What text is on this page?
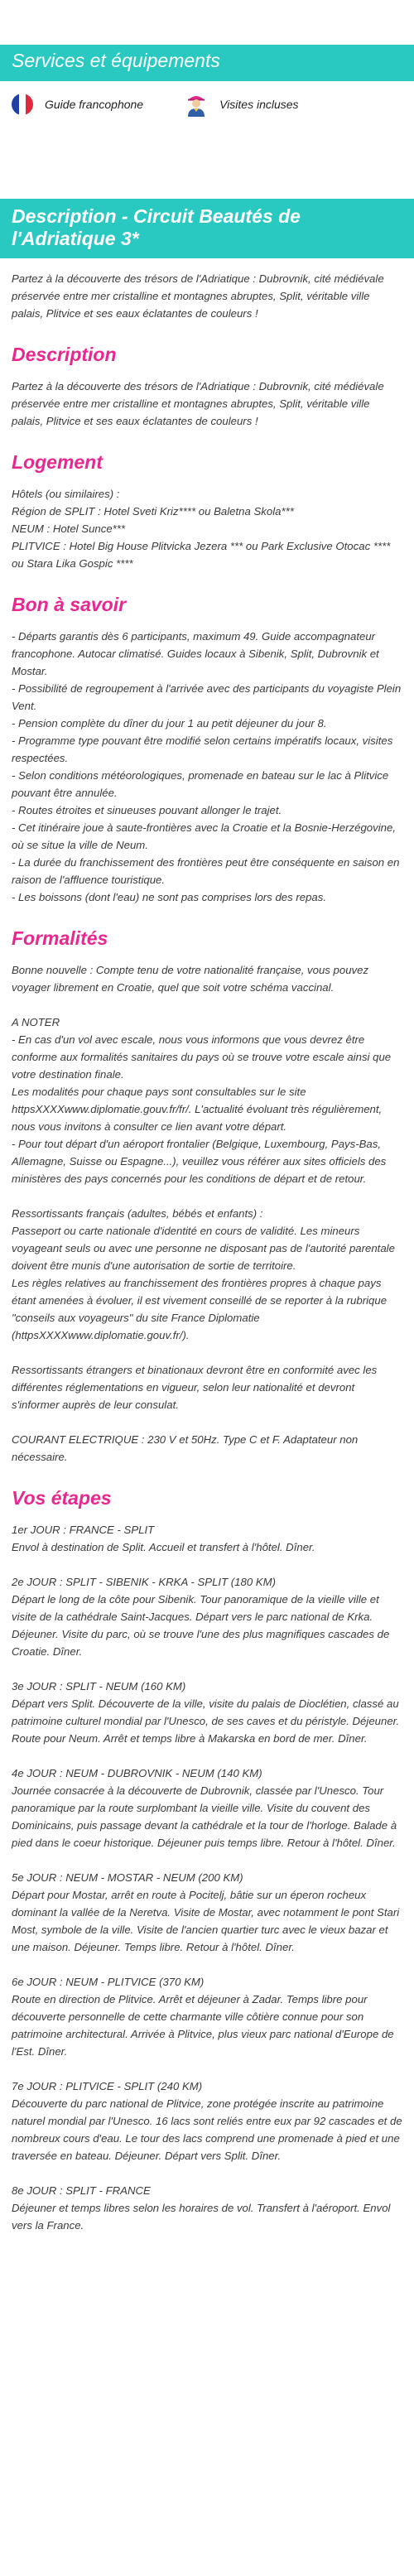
Services et équipements
Guide francophone	Visites incluses
Description - Circuit Beautés de l'Adriatique 3*

Partez à la découverte des trésors de l'Adriatique : Dubrovnik, cité médiévale préservée entre mer cristalline et montagnes abruptes, Split, véritable ville palais, Plitvice et ses eaux éclatantes de couleurs !

Description

Partez à la découverte des trésors de l'Adriatique : Dubrovnik, cité médiévale préservée entre mer cristalline et montagnes abruptes, Split, véritable ville palais, Plitvice et ses eaux éclatantes de couleurs !

Logement
Hôtels (ou similaires) :
Région de SPLIT : Hotel Sveti Kriz**** ou Baletna Skola***
NEUM : Hotel Sunce***
PLITVICE : Hotel Big House Plitvicka Jezera *** ou Park Exclusive Otocac **** ou Stara Lika Gospic ****
Bon à savoir
- Départs garantis dès 6 participants, maximum 49. Guide accompagnateur francophone. Autocar climatisé. Guides locaux à Sibenik, Split, Dubrovnik et Mostar.
- Possibilité de regroupement à l'arrivée avec des participants du voyagiste Plein Vent.
- Pension complète du dîner du jour 1 au petit déjeuner du jour 8.
- Programme type pouvant être modifié selon certains impératifs locaux, visites respectées.
- Selon conditions météorologiques, promenade en bateau sur le lac à Plitvice pouvant être annulée.
- Routes étroites et sinueuses pouvant allonger le trajet.
- Cet itinéraire joue à saute-frontières avec la Croatie et la Bosnie-Herzégovine, où se situe la ville de Neum.
- La durée du franchissement des frontières peut être conséquente en saison en raison de l'affluence touristique.
- Les boissons (dont l'eau) ne sont pas comprises lors des repas.
Formalités
Bonne nouvelle : Compte tenu de votre nationalité française, vous pouvez voyager librement en Croatie, quel que soit votre schéma vaccinal.
A NOTER
- En cas d'un vol avec escale, nous vous informons que vous devrez être conforme aux formalités sanitaires du pays où se trouve votre escale ainsi que votre destination finale.
Les modalités pour chaque pays sont consultables sur le site httpsXXXXwww.diplomatie.gouv.fr/fr/. L'actualité évoluant très régulièrement, nous vous invitons à consulter ce lien avant votre départ.
- Pour tout départ d'un aéroport frontalier (Belgique, Luxembourg, Pays-Bas, Allemagne, Suisse ou Espagne...), veuillez vous référer aux sites officiels des ministères des pays concernés pour les conditions de départ et de retour.
Ressortissants français (adultes, bébés et enfants) :
Passeport ou carte nationale d'identité en cours de validité. Les mineurs voyageant seuls ou avec une personne ne disposant pas de l'autorité parentale doivent être munis d'une autorisation de sortie de territoire.
Les règles relatives au franchissement des frontières propres à chaque pays étant amenées à évoluer, il est vivement conseillé de se reporter à la rubrique "conseils aux voyageurs" du site France Diplomatie (httpsXXXXwww.diplomatie.gouv.fr/).
Ressortissants étrangers et binationaux devront être en conformité avec les différentes réglementations en vigueur, selon leur nationalité et devront s'informer auprès de leur consulat.
COURANT ELECTRIQUE : 230 V et 50Hz. Type C et F. Adaptateur non nécessaire.
Vos étapes
1er JOUR : FRANCE - SPLIT
Envol à destination de Split. Accueil et transfert à l'hôtel. Dîner.
2e JOUR : SPLIT - SIBENIK - KRKA - SPLIT (180 KM)
Départ le long de la côte pour Sibenik. Tour panoramique de la vieille ville et visite de la cathédrale Saint-Jacques. Départ vers le parc national de Krka. Déjeuner. Visite du parc, où se trouve l'une des plus magnifiques cascades de Croatie. Dîner.
3e JOUR : SPLIT - NEUM (160 KM)
Départ vers Split. Découverte de la ville, visite du palais de Dioclétien, classé au patrimoine culturel mondial par l'Unesco, de ses caves et du péristyle. Déjeuner. Route pour Neum. Arrêt et temps libre à Makarska en bord de mer. Dîner.
4e JOUR : NEUM - DUBROVNIK - NEUM (140 KM)
Journée consacrée à la découverte de Dubrovnik, classée par l'Unesco. Tour panoramique par la route surplombant la vieille ville. Visite du couvent des Dominicains, puis passage devant la cathédrale et la tour de l'horloge. Balade à pied dans le coeur historique. Déjeuner puis temps libre. Retour à l'hôtel. Dîner.
5e JOUR : NEUM - MOSTAR - NEUM (200 KM)
Départ pour Mostar, arrêt en route à Pocitelj, bâtie sur un éperon rocheux dominant la vallée de la Neretva. Visite de Mostar, avec notamment le pont Stari Most, symbole de la ville. Visite de l'ancien quartier turc avec le vieux bazar et une maison. Déjeuner. Temps libre. Retour à l'hôtel. Dîner.
6e JOUR : NEUM - PLITVICE (370 KM)
Route en direction de Plitvice. Arrêt et déjeuner à Zadar. Temps libre pour découverte personnelle de cette charmante ville côtière connue pour son patrimoine architectural. Arrivée à Plitvice, plus vieux parc national d'Europe de l'Est. Dîner.
7e JOUR : PLITVICE - SPLIT (240 KM)
Découverte du parc national de Plitvice, zone protégée inscrite au patrimoine naturel mondial par l'Unesco. 16 lacs sont reliés entre eux par 92 cascades et de nombreux cours d'eau. Le tour des lacs comprend une promenade à pied et une traversée en bateau. Déjeuner. Départ vers Split. Dîner.
8e JOUR : SPLIT - FRANCE
Déjeuner et temps libres selon les horaires de vol. Transfert à l'aéroport. Envol vers la France.
